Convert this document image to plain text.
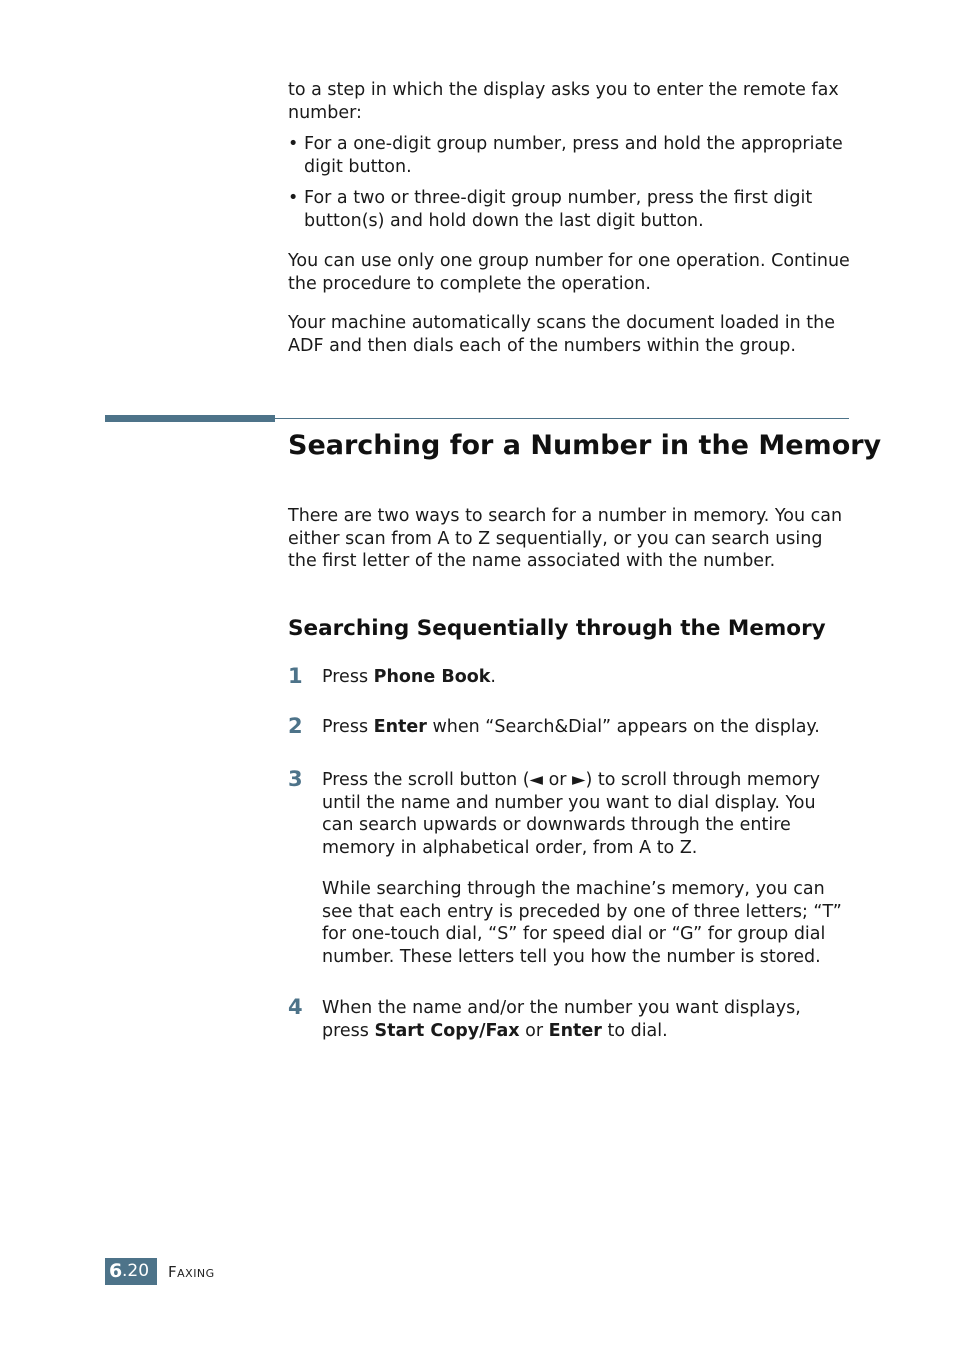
to a step in which the display asks you to enter the remote fax number:

• For a one-digit group number, press and hold the appropriate digit button.
• For a two or three-digit group number, press the first digit button(s) and hold down the last digit button.

You can use only one group number for one operation. Continue the procedure to complete the operation.

Your machine automatically scans the document loaded in the ADF and then dials each of the numbers within the group.

Searching for a Number in the Memory

There are two ways to search for a number in memory. You can either scan from A to Z sequentially, or you can search using the first letter of the name associated with the number.

Searching Sequentially through the Memory
1 Press Phone Book.

2 Press Enter when “Search&Dial” appears on the display.

3 Press the scroll button (◄ or ►) to scroll through memory until the name and number you want to dial display. You can search upwards or downwards through the entire memory in alphabetical order, from A to Z.

While searching through the machine’s memory, you can see that each entry is preceded by one of three letters; “T” for one-touch dial, “S” for speed dial or “G” for group dial number. These letters tell you how the number is stored.

4 When the name and/or the number you want displays, press Start Copy/Fax or Enter to dial.

6 .20 Faxing
